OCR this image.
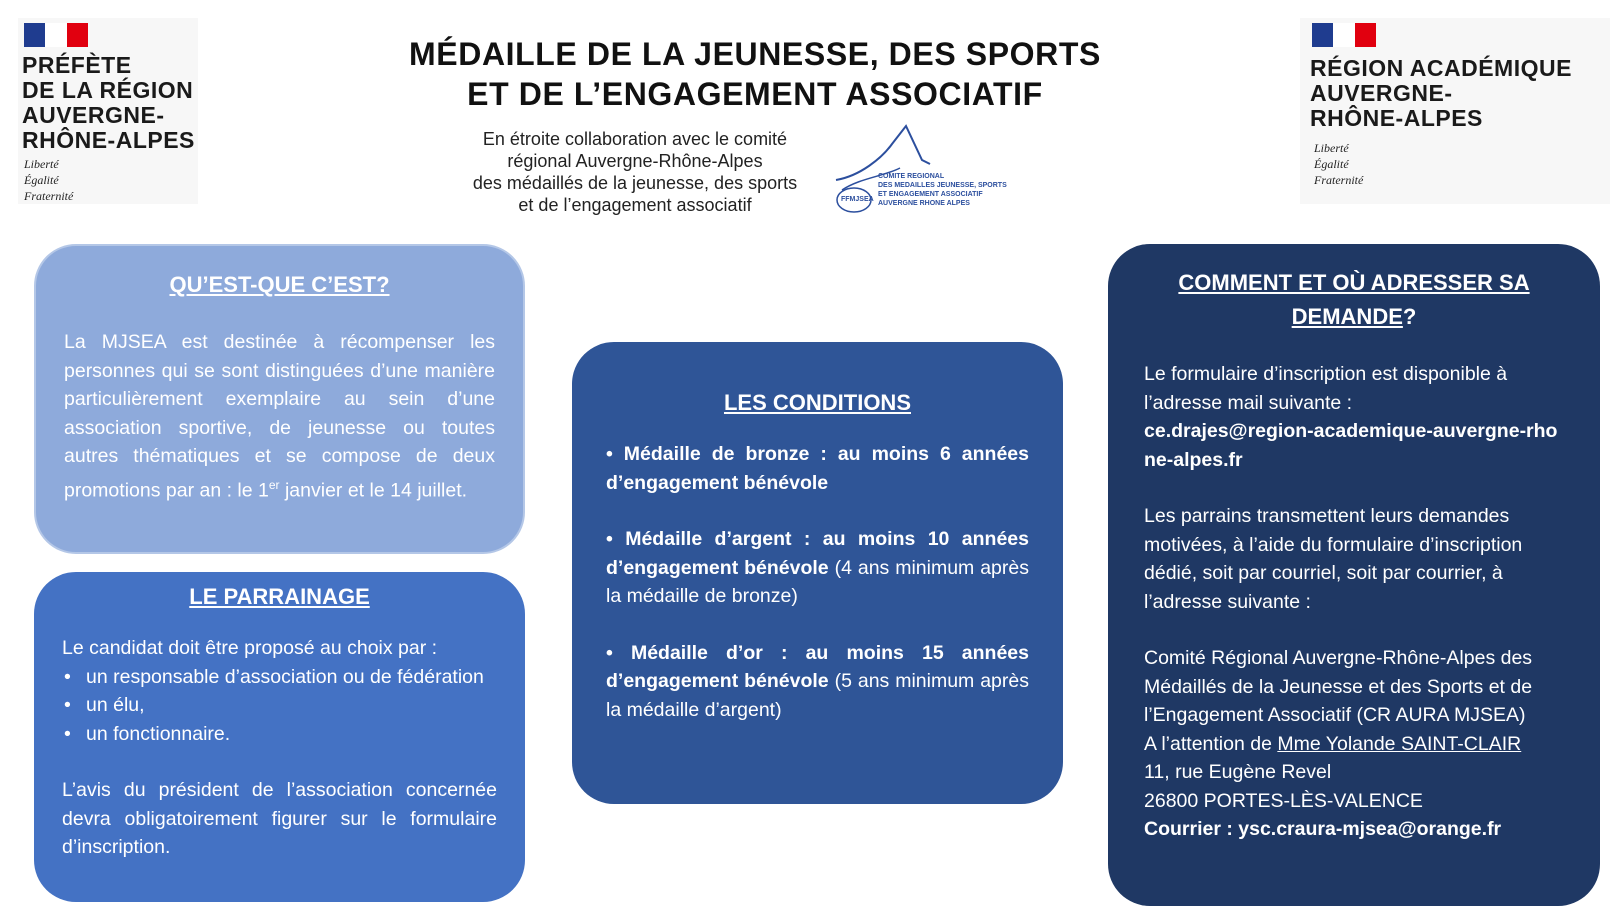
PRÉFÈTE
DE LA RÉGION
AUVERGNE-
RHÔNE-ALPES
Liberté
Égalité
Fraternité
RÉGION ACADÉMIQUE
AUVERGNE-
RHÔNE-ALPES
Liberté
Égalité
Fraternité
MÉDAILLE DE LA JEUNESSE, DES SPORTS
ET DE L’ENGAGEMENT ASSOCIATIF
En étroite collaboration avec le comité
régional Auvergne-Rhône-Alpes
des médaillés de la jeunesse, des sports
et de l’engagement associatif	FFMJSEA
COMITE REGIONAL
DES MEDAILLES JEUNESSE, SPORTS
ET ENGAGEMENT ASSOCIATIF
AUVERGNE RHONE ALPES
QU’EST-QUE C’EST?

La MJSEA est destinée à récompenser les personnes qui se sont distinguées d’une manière particulièrement exemplaire au sein d’une association sportive, de jeunesse ou toutes autres thématiques et se compose de deux promotions par an : le 1er janvier et le 14 juillet.

LE PARRAINAGE

Le candidat doit être proposé au choix par :

• un responsable d’association ou de fédération
• un élu,
• un fonctionnaire.

L’avis du président de l’association concernée devra obligatoirement figurer sur le formulaire d’inscription.

LES CONDITIONS
• Médaille de bronze : au moins 6 années d’engagement bénévole
• Médaille d’argent : au moins 10 années d’engagement bénévole (4 ans minimum après la médaille de bronze)
• Médaille d’or : au moins 15 années d’engagement bénévole (5 ans minimum après la médaille d’argent)
COMMENT ET OÙ ADRESSER SA
DEMANDE?

Le formulaire d’inscription est disponible à l’adresse mail suivante :

ce.drajes@region-academique-auvergne-rhone-alpes.fr

Les parrains transmettent leurs demandes motivées, à l’aide du formulaire d’inscription dédié, soit par courriel, soit par courrier, à l’adresse suivante :

Comité Régional Auvergne-Rhône-Alpes des Médaillés de la Jeunesse et des Sports et de l’Engagement Associatif (CR AURA MJSEA)

A l’attention de Mme Yolande SAINT-CLAIR

11, rue Eugène Revel

26800 PORTES-LÈS-VALENCE

Courrier : ysc.craura-mjsea@orange.fr
